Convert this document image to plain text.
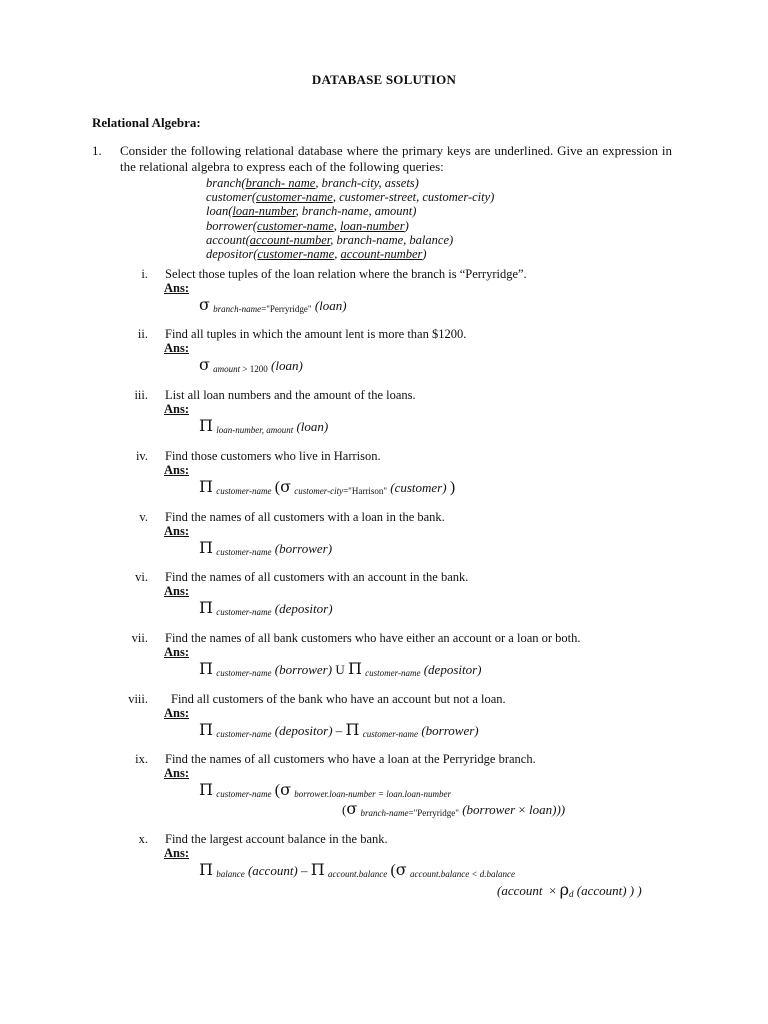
DATABASE SOLUTION
Relational Algebra:
1. Consider the following relational database where the primary keys are underlined. Give an expression in the relational algebra to express each of the following queries:
branch(branch- name, branch-city, assets)
customer(customer-name, customer-street, customer-city)
loan(loan-number, branch-name, amount)
borrower(customer-name, loan-number)
account(account-number, branch-name, balance)
depositor(customer-name, account-number)
i. Select those tuples of the loan relation where the branch is “Perryridge”.
Ans:
σ $_{branch-name}$="Perryridge" (loan)
ii. Find all tuples in which the amount lent is more than $1200.
Ans:
σ $_{amount}$ > 1200 (loan)
iii. List all loan numbers and the amount of the loans.
Ans:
Π $_{loan-number, amount}$ (loan)
iv. Find those customers who live in Harrison.
Ans:
Π $_{customer-name}$ (σ $_{customer-city}$="Harrison" (customer) )
v. Find the names of all customers with a loan in the bank.
Ans:
Π $_{customer-name}$ (borrower)
vi. Find the names of all customers with an account in the bank.
Ans:
Π $_{customer-name}$ (depositor)
vii. Find the names of all bank customers who have either an account or a loan or both.
Ans:
Π $_{customer-name}$ (borrower) U Π $_{customer-name}$ (depositor)
viii. Find all customers of the bank who have an account but not a loan.
Ans:
Π $_{customer-name}$ (depositor) – Π $_{customer-name}$ (borrower)
ix. Find the names of all customers who have a loan at the Perryridge branch.
Ans:
Π $_{customer-name}$ (σ $_{borrower.loan-number = loan.loan-number}$
(σ $_{branch-name}$="Perryridge" (borrower × loan)))
x. Find the largest account balance in the bank.
Ans:
Π $_{balance}$ (account) – Π $_{account.balance}$ (σ $_{account.balance < d.balance}$
(account × $\rho_d$ (account) ) )
